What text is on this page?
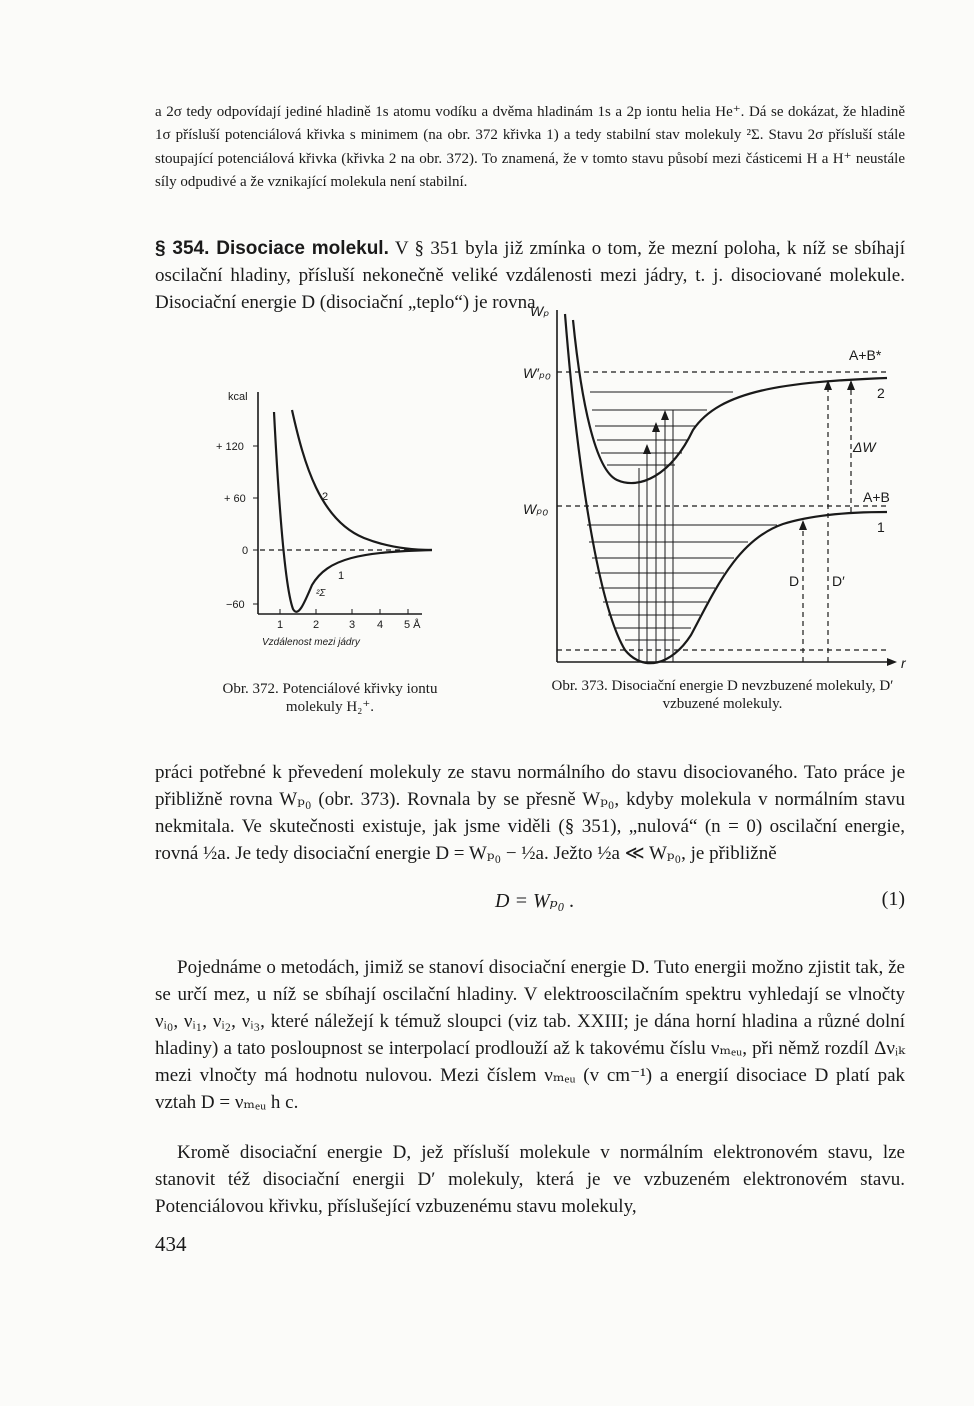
a 2σ tedy odpovídají jediné hladině 1s atomu vodíku a dvěma hladinám 1s a 2p iontu helia He⁺. Dá se dokázat, že hladině 1σ přísluší potenciálová křivka s minimem (na obr. 372 křivka 1) a tedy stabilní stav molekuly ²Σ. Stavu 2σ přísluší stále stoupající potenciálová křivka (křivka 2 na obr. 372). To znamená, že v tomto stavu působí mezi částicemi H a H⁺ neustále síly odpudivé a že vznikající molekula není stabilní.

§ 354. Disociace molekul. V § 351 byla již zmínka o tom, že mezní poloha, k níž se sbíhají oscilační hladiny, přísluší nekonečně veliké vzdálenosti mezi jádry, t. j. disociované molekule. Disociační energie D (disociační „teplo“) je rovna

kcal
+ 120
+ 60
0
−60
1	2	3 4 5 Å
Vzdálenost mezi jádry
2
1
²Σ
Wₚ
r
W′ₚ₀
Wₚ₀
A+B*
2
ΔW
A+B
1
D D′
Obr. 372. Potenciálové křivky iontu molekuly H₂⁺.
Obr. 373. Disociační energie D nevzbuzené molekuly, D′ vzbuzené molekuly.

práci potřebné k převedení molekuly ze stavu normálního do stavu disociovaného. Tato práce je přibližně rovna Wₚ₀ (obr. 373). Rovnala by se přesně Wₚ₀, kdyby molekula v normálním stavu nekmitala. Ve skutečnosti existuje, jak jsme viděli (§ 351), „nulová“ (n = 0) oscilační energie, rovná ½a. Je tedy disociační energie D = Wₚ₀ − ½a. Ježto ½a ≪ Wₚ₀, je přibližně

D = Wₚ₀ .	(1)

Pojednáme o metodách, jimiž se stanoví disociační energie D. Tuto energii možno zjistit tak, že se určí mez, u níž se sbíhají oscilační hladiny. V elektrooscilačním spektru vyhledají se vlnočty νᵢ₀, νᵢ₁, νᵢ₂, νᵢ₃, které náležejí k témuž sloupci (viz tab. XXIII; je dána horní hladina a různé dolní hladiny) a tato posloupnost se interpolací prodlouží až k takovému číslu νₘₑᵤ, při němž rozdíl Δνᵢₖ mezi vlnočty má hodnotu nulovou. Mezi číslem νₘₑᵤ (v cm⁻¹) a energií disociace D platí pak vztah D = νₘₑᵤ h c.

Kromě disociační energie D, jež přísluší molekule v normálním elektronovém stavu, lze stanovit též disociační energii D′ molekuly, která je ve vzbuzeném elektronovém stavu. Potenciálovou křivku, příslušející vzbuzenému stavu molekuly,

434
